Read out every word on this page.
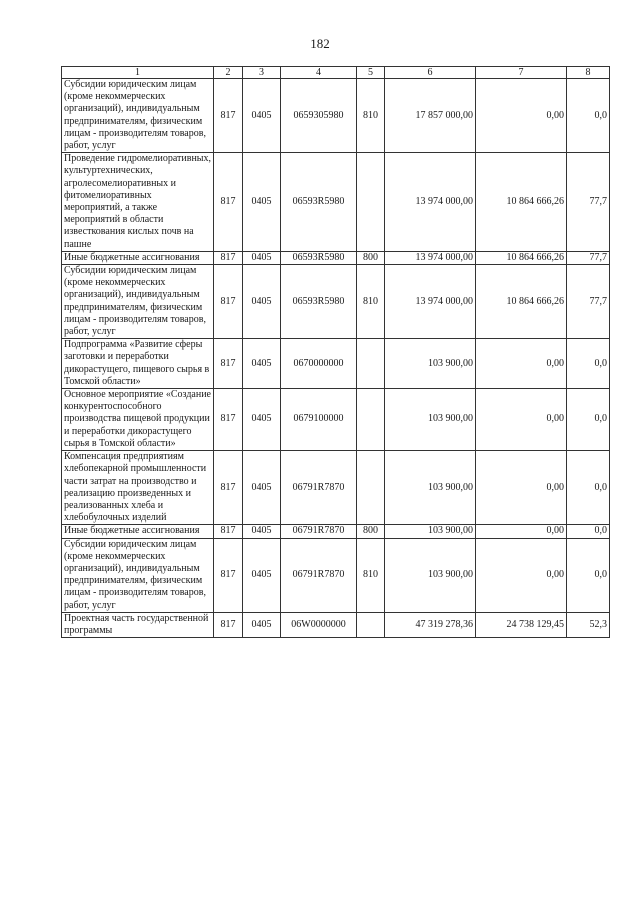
182
1	2	3	4	5	6	7	8
Субсидии юридическим лицам (кроме некоммерческих организаций), индивидуальным предпринимателям, физическим лицам - производителям товаров, работ, услуг	817	0405	0659305980	810	17 857 000,00	0,00	0,0
Проведение гидромелиоративных, культуртехнических, агролесомелиоративных и фитомелиоративных мероприятий, а также мероприятий в области известкования кислых почв на пашне	817	0405	06593R5980		13 974 000,00	10 864 666,26	77,7
Иные бюджетные ассигнования	817	0405	06593R5980	800	13 974 000,00	10 864 666,26	77,7
Субсидии юридическим лицам (кроме некоммерческих организаций), индивидуальным предпринимателям, физическим лицам - производителям товаров, работ, услуг	817	0405	06593R5980	810	13 974 000,00	10 864 666,26	77,7
Подпрограмма «Развитие сферы заготовки и переработки дикорастущего, пищевого сырья в Томской области»	817	0405	0670000000		103 900,00	0,00	0,0
Основное мероприятие «Создание конкурентоспособного производства пищевой продукции и переработки дикорастущего сырья в Томской области»	817	0405	0679100000		103 900,00	0,00	0,0
Компенсация предприятиям хлебопекарной промышленности части затрат на производство и реализацию произведенных и реализованных хлеба и хлебобулочных изделий	817	0405	06791R7870		103 900,00	0,00	0,0
Иные бюджетные ассигнования	817	0405	06791R7870	800	103 900,00	0,00	0,0
Субсидии юридическим лицам (кроме некоммерческих организаций), индивидуальным предпринимателям, физическим лицам - производителям товаров, работ, услуг	817	0405	06791R7870	810	103 900,00	0,00	0,0
Проектная часть государственной программы	817	0405	06W0000000		47 319 278,36	24 738 129,45	52,3
